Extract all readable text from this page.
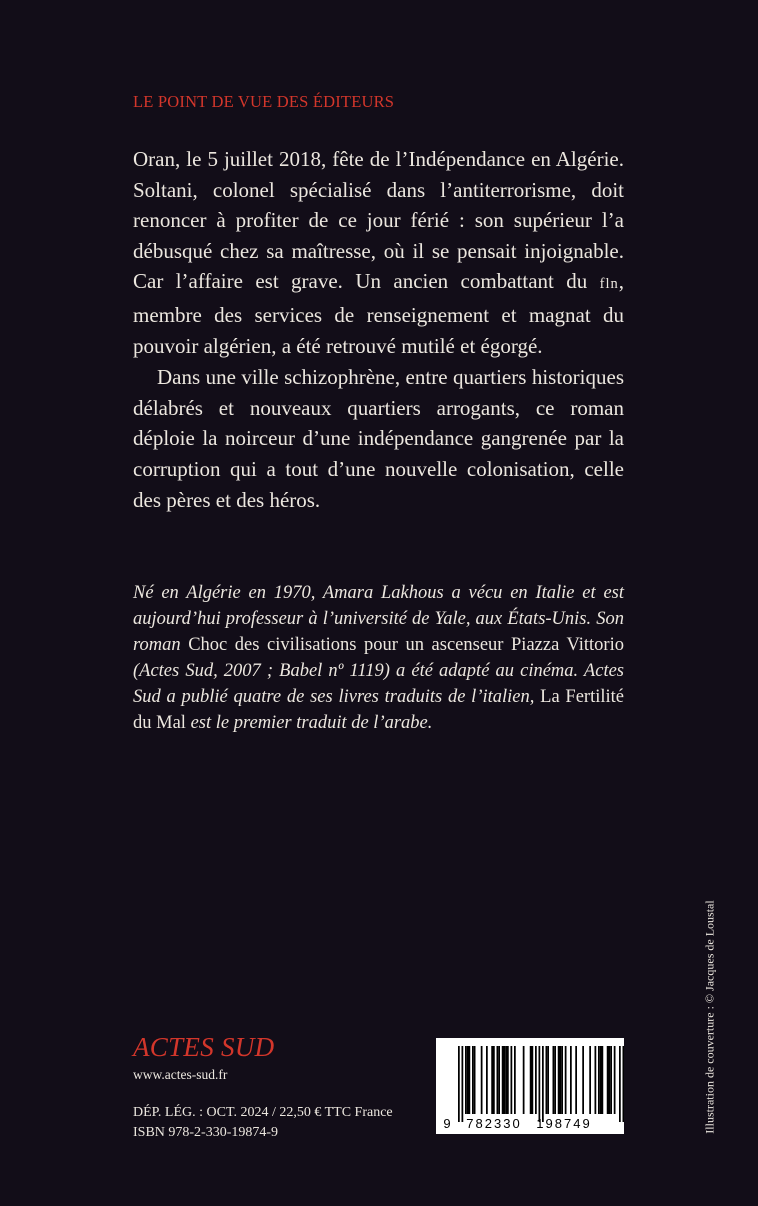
LE POINT DE VUE DES ÉDITEURS

Oran, le 5 juillet 2018, fête de l’Indépendance en Algérie. Soltani, colonel spécialisé dans l’antiterrorisme, doit renoncer à profiter de ce jour férié : son supérieur l’a débusqué chez sa maîtresse, où il se pensait injoignable. Car l’affaire est grave. Un ancien combattant du fln, membre des services de renseignement et magnat du pouvoir algérien, a été retrouvé mutilé et égorgé.

Dans une ville schizophrène, entre quartiers historiques délabrés et nouveaux quartiers arrogants, ce roman déploie la noirceur d’une indépendance gangrenée par la corruption qui a tout d’une nouvelle colonisation, celle des pères et des héros.

Né en Algérie en 1970, Amara Lakhous a vécu en Italie et est aujourd’hui professeur à l’université de Yale, aux États-Unis. Son roman Choc des civilisations pour un ascenseur Piazza Vittorio (Actes Sud, 2007 ; Babel nº 1119) a été adapté au cinéma. Actes Sud a publié quatre de ses livres traduits de l’italien, La Fertilité du Mal est le premier traduit de l’arabe.
ACTES SUD
www.actes-sud.fr
DÉP. LÉG. : OCT. 2024 / 22,50 € TTC France
ISBN 978-2-330-19874-9
9 782330 198749	Illustration de couverture : © Jacques de Loustal
